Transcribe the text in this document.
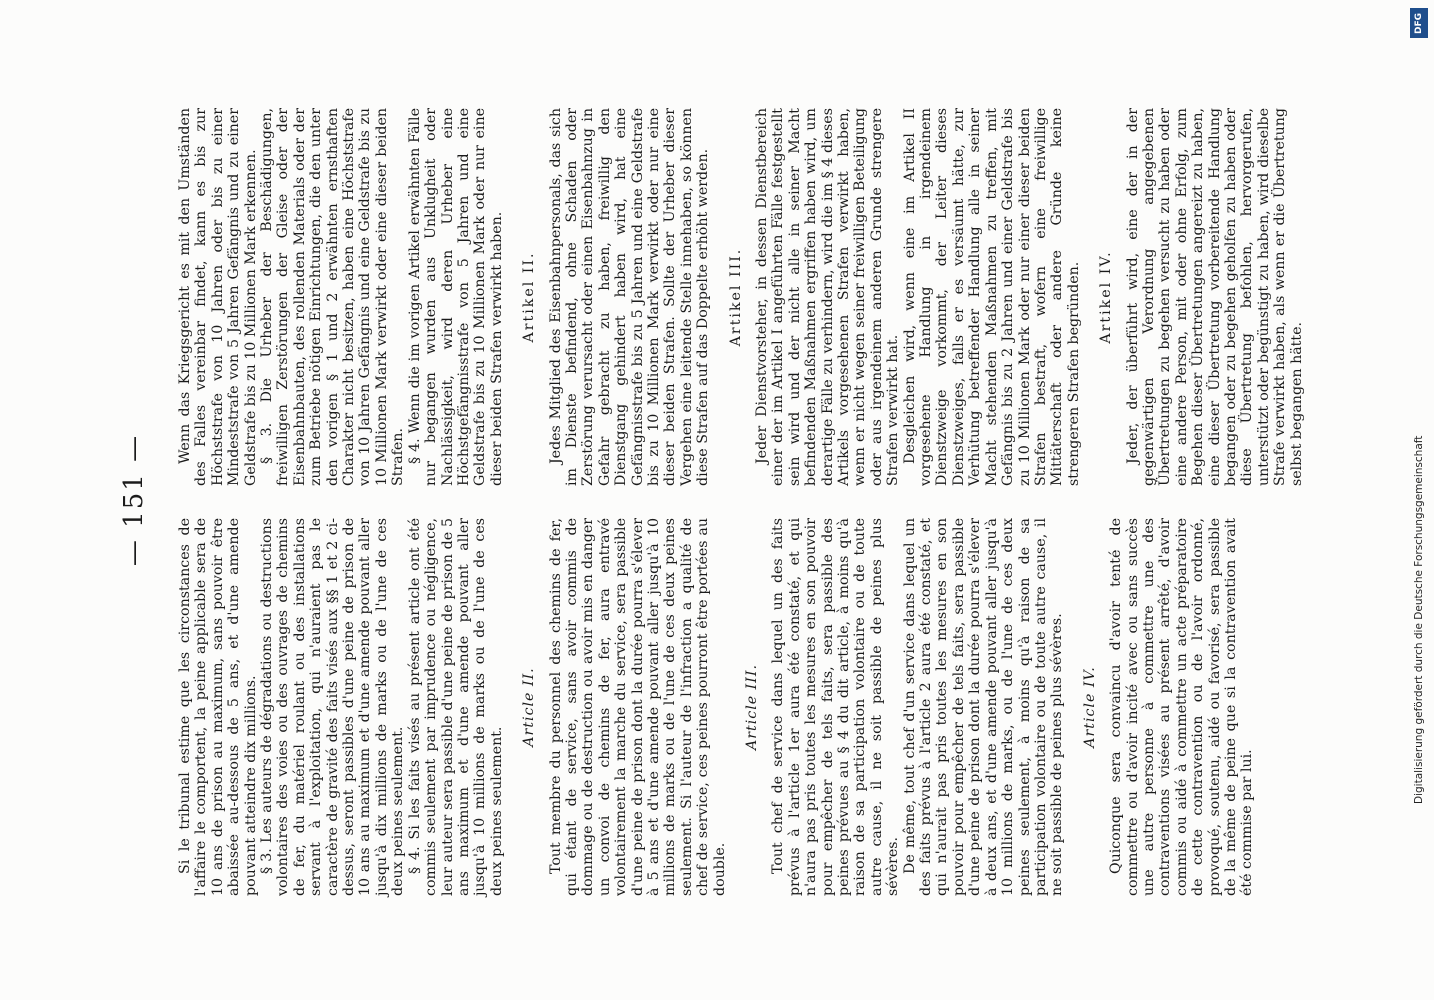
— 151 —

Si le tribunal estime que les circonstances de l'affaire le comportent, la peine applicable sera de 10 ans de prison au maximum, sans pouvoir être abaissée au-dessous de 5 ans, et d'une amende pouvant atteindre dix millions. § 3. Les auteurs de dégradations ou destructions volontaires des voies ou des ouvrages de chemins de fer, du matériel roulant ou des installations servant à l'exploitation, qui n'auraient pas le caractère de gravité des faits visés aux §§ 1 et 2 ci-dessus, seront passibles d'une peine de prison de 10 ans au maximum et d'une amende pouvant aller jusqu'à dix millions de marks ou de l'une de ces deux peines seulement. § 4. Si les faits visés au présent article ont été commis seulement par imprudence ou négligence, leur auteur sera passible d'une peine de prison de 5 ans maximum et d'une amende pouvant aller jusqu'à 10 millions de marks ou de l'une de ces deux peines seulement.

Article II. Tout membre du personnel des chemins de fer, qui étant de service, sans avoir commis de dommage ou de destruction ou avoir mis en danger un convoi de chemins de fer, aura entravé volontairement la marche du service, sera passible d'une peine de prison dont la durée pourra s'élever à 5 ans et d'une amende pouvant aller jusqu'à 10 millions de marks ou de l'une de ces deux peines seulement. Si l'auteur de l'infraction a qualité de chef de service, ces peines pourront être portées au double.

Article III. Tout chef de service dans lequel un des faits prévus à l'article 1er aura été constaté, et qui n'aura pas pris toutes les mesures en son pouvoir pour empêcher de tels faits, sera passible des peines prévues au § 4 du dit article, à moins qu'à raison de sa participation volontaire ou de toute autre cause, il ne soit passible de peines plus sévères. De même, tout chef d'un service dans lequel un des faits prévus à l'article 2 aura été constaté, et qui n'aurait pas pris toutes les mesures en son pouvoir pour empêcher de tels faits, sera passible d'une peine de prison dont la durée pourra s'élever à deux ans, et d'une amende pouvant aller jusqu'à 10 millions de marks, ou de l'une de ces deux peines seulement, à moins qu'à raison de sa participation volontaire ou de toute autre cause, il ne soit passible de peines plus sévères. Article IV. Quiconque sera convaincu d'avoir tenté de commettre ou d'avoir incité avec ou sans succès une autre personne à commettre une des contraventions visées au présent arrêté, d'avoir commis ou aidé à commettre un acte préparatoire de cette contravention ou de l'avoir ordonné, provoqué, soutenu, aidé ou favorisé, sera passible de la même de peine que si la contravention avait été commise par lui.

Wenn das Kriegsgericht es mit den Umständen des Falles vereinbar findet, kann es bis zur Höchststrafe von 10 Jahren oder bis zu einer Mindeststrafe von 5 Jahren Gefängnis und zu einer Geldstrafe bis zu 10 Millionen Mark erkennen. § 3. Die Urheber der Beschädigungen, freiwilligen Zerstörungen der Gleise oder der Eisenbahnbauten, des rollenden Materials oder der zum Betriebe nötigen Einrichtungen, die den unter den vorigen § 1 und 2 erwähnten ernsthaften Charakter nicht besitzen, haben eine Höchststrafe von 10 Jahren Gefängnis und eine Geldstrafe bis zu 10 Millionen Mark verwirkt oder eine dieser beiden Strafen. § 4. Wenn die im vorigen Artikel erwähnten Fälle nur begangen wurden aus Unklugheit oder Nachlässigkeit, wird deren Urheber eine Höchstgefängnisstrafe von 5 Jahren und eine Geldstrafe bis zu 10 Millionen Mark oder nur eine dieser beiden Strafen verwirkt haben. Artikel II. Jedes Mitglied des Eisenbahnpersonals, das sich im Dienste befindend, ohne Schaden oder Zerstörung verursacht oder einen Eisenbahnzug in Gefahr gebracht zu haben, freiwillig den Dienstgang gehindert haben wird, hat eine Gefängnisstrafe bis zu 5 Jahren und eine Geldstrafe bis zu 10 Millionen Mark verwirkt oder nur eine dieser beiden Strafen. Sollte der Urheber dieser Vergehen eine leitende Stelle innehaben, so können diese Strafen auf das Doppelte erhöht werden. Artikel III. Jeder Dienstvorsteher, in dessen Dienstbereich einer der im Artikel I angeführten Fälle festgestellt sein wird und der nicht alle in seiner Macht befindenden Maßnahmen ergriffen haben wird, um derartige Fälle zu verhindern, wird die im § 4 dieses Artikels vorgesehenen Strafen verwirkt haben, wenn er nicht wegen seiner freiwilligen Beteiligung oder aus irgendeinem anderen Grunde strengere Strafen verwirkt hat. Desgleichen wird, wenn eine im Artikel II vorgesehene Handlung in irgendeinem Dienstzweige vorkommt, der Leiter dieses Dienstzweiges, falls er es versäumt hätte, zur Verhütung betreffender Handlung alle in seiner Macht stehenden Maßnahmen zu treffen, mit Gefängnis bis zu 2 Jahren und einer Geldstrafe bis zu 10 Millionen Mark oder nur einer dieser beiden Strafen bestraft, wofern eine freiwillige Mittäterschaft oder andere Gründe keine strengeren Strafen begründen. Artikel IV. Jeder, der überführt wird, eine der in der gegenwärtigen Verordnung angegebenen Übertretungen zu begehen versucht zu haben oder eine andere Person, mit oder ohne Erfolg, zum Begehen dieser Übertretungen angereizt zu haben, eine dieser Übertretung vorbereitende Handlung begangen oder zu begehen geholfen zu haben oder diese Übertretung befohlen, hervorgerufen, unterstützt oder begünstigt zu haben, wird dieselbe Strafe verwirkt haben, als wenn er die Übertretung selbst begangen hätte.

DFG
Digitalisierung gefördert durch die Deutsche Forschungsgemeinschaft
